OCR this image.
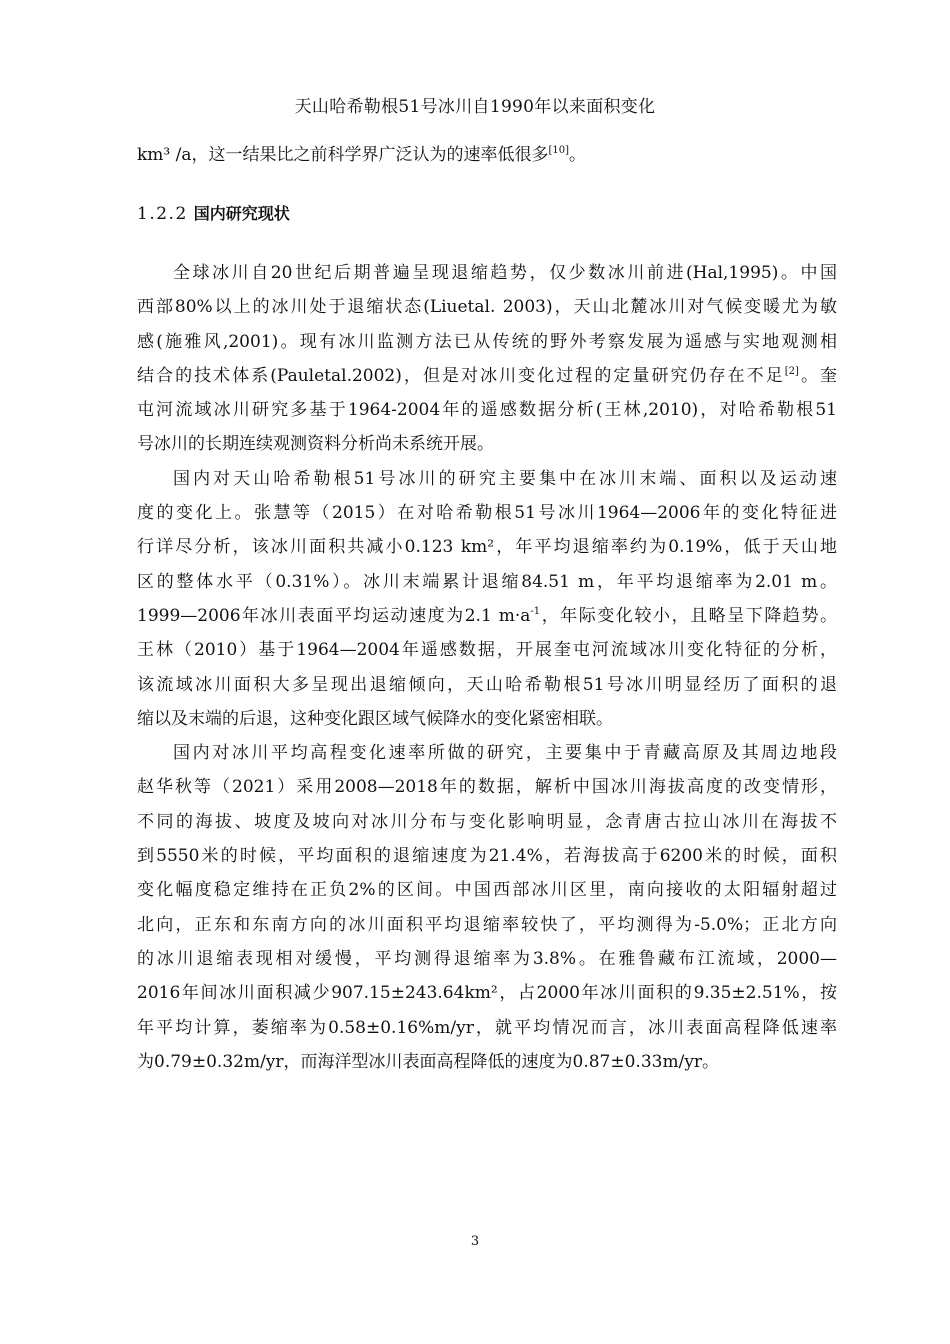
天山哈希勒根51号冰川自1990年以来面积变化
km³ /a，这一结果比之前科学界广泛认为的速率低很多[10]。
1.2.2 国内研究现状
全球冰川自20世纪后期普遍呈现退缩趋势，仅少数冰川前进(Hal,1995)。中国
西部80%以上的冰川处于退缩状态(Liuetal. 2003)，天山北麓冰川对气候变暖尤为敏
感(施雅风,2001)。现有冰川监测方法已从传统的野外考察发展为遥感与实地观测相
结合的技术体系(Pauletal.2002)，但是对冰川变化过程的定量研究仍存在不足[2]。奎
屯河流域冰川研究多基于1964-2004年的遥感数据分析(王林,2010)，对哈希勒根51
号冰川的长期连续观测资料分析尚未系统开展。
国内对天山哈希勒根51号冰川的研究主要集中在冰川末端、面积以及运动速
度的变化上。张慧等（2015）在对哈希勒根51号冰川1964—2006年的变化特征进
行详尽分析，该冰川面积共减小0.123 km²，年平均退缩率约为0.19%，低于天山地
区的整体水平（0.31%）。冰川末端累计退缩84.51 m，年平均退缩率为2.01 m。
1999—2006年冰川表面平均运动速度为2.1 $m\cdot a^{-1}$，年际变化较小，且略呈下降趋势。
王林（2010）基于1964—2004年遥感数据，开展奎屯河流域冰川变化特征的分析，
该流域冰川面积大多呈现出退缩倾向，天山哈希勒根51号冰川明显经历了面积的退
缩以及末端的后退，这种变化跟区域气候降水的变化紧密相联。
国内对冰川平均高程变化速率所做的研究，主要集中于青藏高原及其周边地段
赵华秋等（2021）采用2008—2018年的数据，解析中国冰川海拔高度的改变情形，
不同的海拔、坡度及坡向对冰川分布与变化影响明显，念青唐古拉山冰川在海拔不
到5550米的时候，平均面积的退缩速度为21.4%，若海拔高于6200米的时候，面积
变化幅度稳定维持在正负2%的区间。中国西部冰川区里，南向接收的太阳辐射超过
北向，正东和东南方向的冰川面积平均退缩率较快了，平均测得为-5.0%；正北方向
的冰川退缩表现相对缓慢，平均测得退缩率为3.8%。在雅鲁藏布江流域，2000—
2016年间冰川面积减少907.15±243.64km²，占2000年冰川面积的9.35±2.51%，按
年平均计算，萎缩率为0.58±0.16%m/yr，就平均情况而言，冰川表面高程降低速率
为0.79±0.32m/yr，而海洋型冰川表面高程降低的速度为0.87±0.33m/yr。
3
